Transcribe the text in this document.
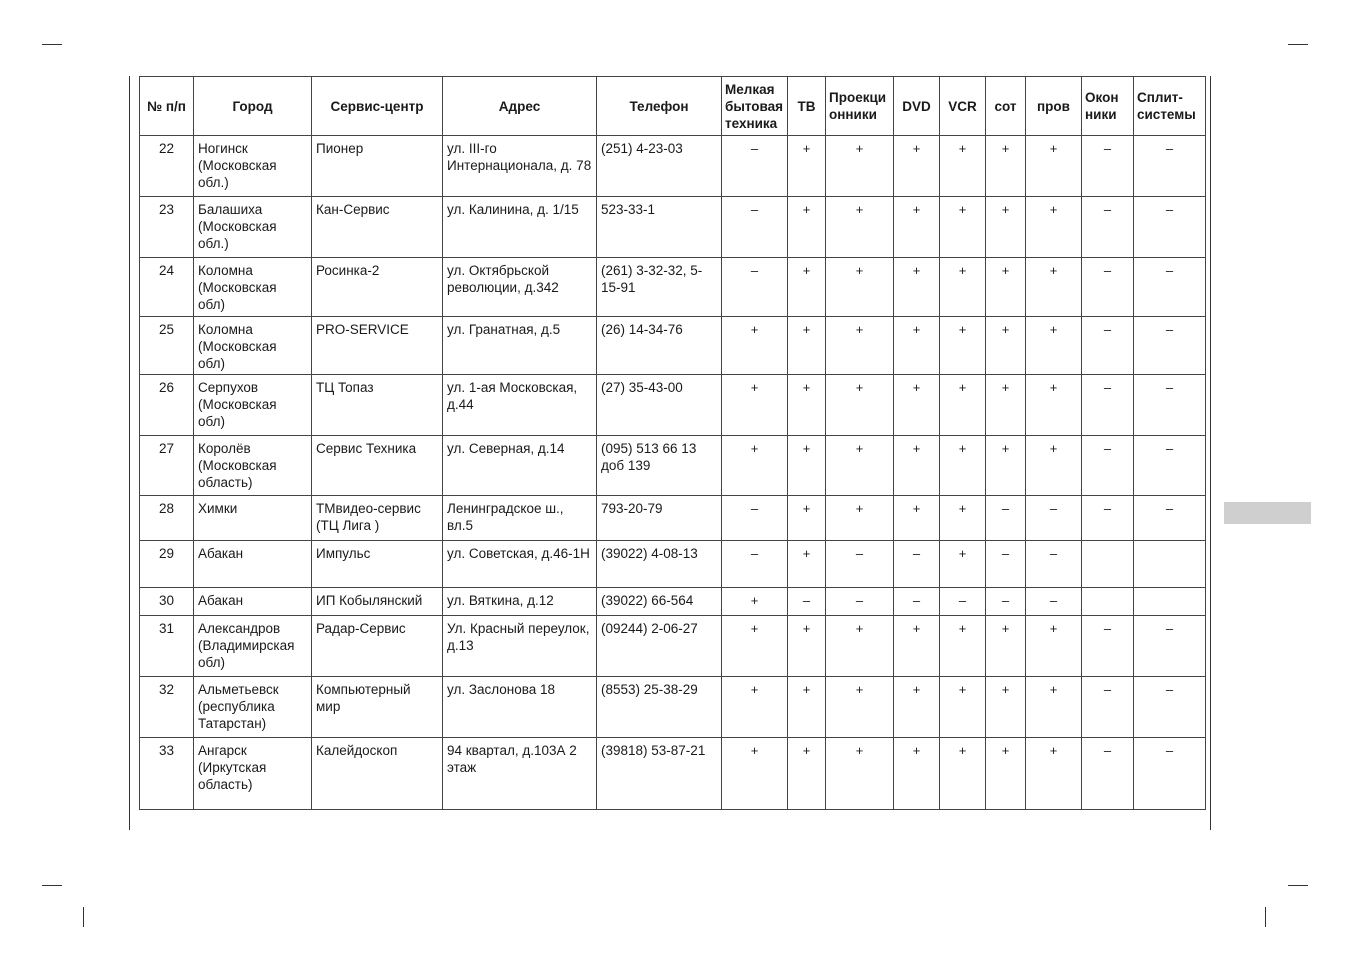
№ п/п	Город	Сервис-центр	Адрес	Телефон	Мелкая бытовая техника	ТВ	Проекци онники	DVD	VCR	сот	пров	Окон ники	Сплит- системы
22	Ногинск (Московская обл.)	Пионер	ул. III-го Интернационала, д. 78	(251) 4-23-03	–	+	+	+	+	+	+	–	–
23	Балашиха (Московская обл.)	Кан-Сервис	ул. Калинина, д. 1/15	523-33-1	–	+	+	+	+	+	+	–	–
24	Коломна (Московская обл)	Росинка-2	ул. Октябрьской революции, д.342	(261) 3-32-32, 5-15-91	–	+	+	+	+	+	+	–	–
25	Коломна (Московская обл)	PRO-SERVICE	ул. Гранатная, д.5	(26) 14-34-76	+	+	+	+	+	+	+	–	–
26	Серпухов (Московская обл)	ТЦ Топаз	ул. 1-ая Московская, д.44	(27) 35-43-00	+	+	+	+	+	+	+	–	–
27	Королёв (Московская область)	Сервис Техника	ул. Северная, д.14	(095) 513 66 13 доб 139	+	+	+	+	+	+	+	–	–
28	Химки	ТМвидео-сервис (ТЦ Лига )	Ленинградское ш., вл.5	793-20-79	–	+	+	+	+	–	–	–	–
29	Абакан	Импульс	ул. Советская, д.46-1Н	(39022) 4-08-13	–	+	–	–	+	–	–		
30	Абакан	ИП Кобылянский	ул. Вяткина, д.12	(39022) 66-564	+	–	–	–	–	–	–		
31	Александров (Владимирская обл)	Радар-Сервис	Ул. Красный переулок, д.13	(09244) 2-06-27	+	+	+	+	+	+	+	–	–
32	Альметьевск (республика Татарстан)	Компьютерный мир	ул. Заслонова 18	(8553) 25-38-29	+	+	+	+	+	+	+	–	–
33	Ангарск (Иркутская область)	Калейдоскоп	94 квартал, д.103А 2 этаж	(39818) 53-87-21	+	+	+	+	+	+	+	–	–
